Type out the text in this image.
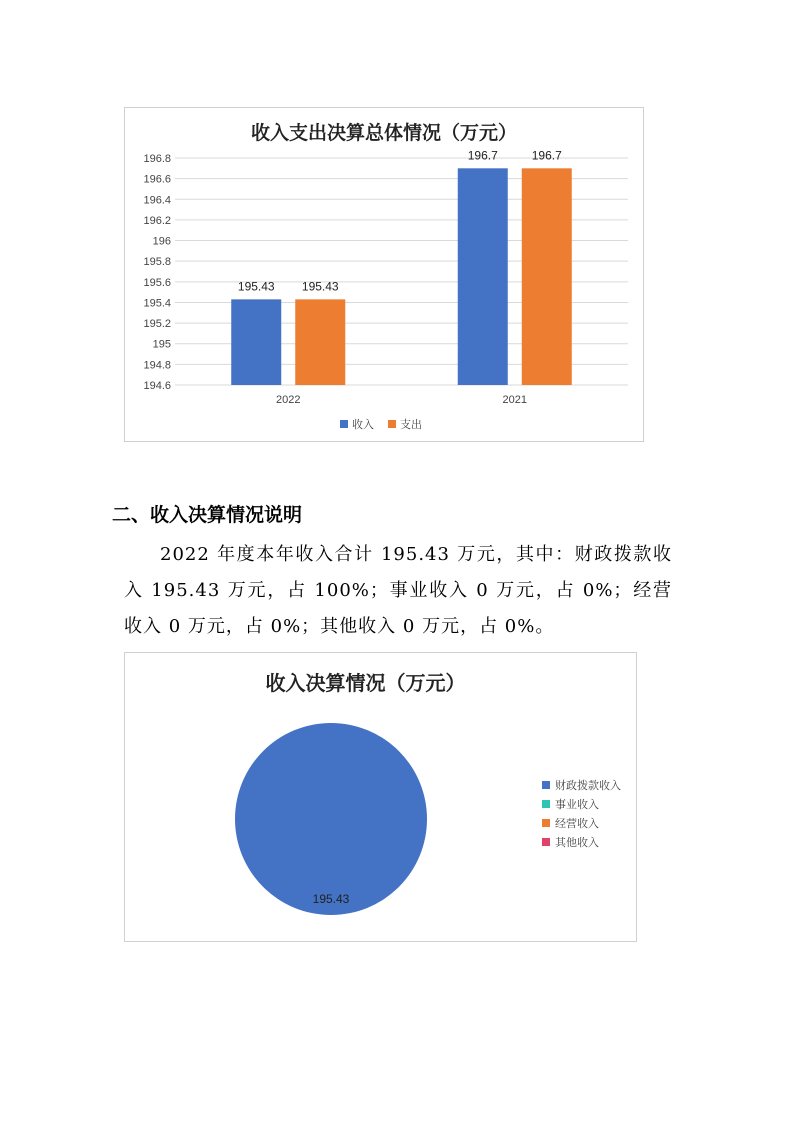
收入支出决算总体情况（万元）
194.6
194.8
195
195.2
195.4
195.6
195.8
196
196.2
196.4
196.6
196.8
195.43 195.43
2022
196.7	196.7
2021
收入 支出
二、收入决算情况说明
2022 年度本年收入合计 195.43 万元，其中：财政拨款收入 195.43 万元，占 100%；事业收入 0 万元，占 0%；经营收入 0 万元，占 0%；其他收入 0 万元，占 0%。
收入决算情况（万元）
195.43
财政拨款收入
事业收入
经营收入
其他收入
